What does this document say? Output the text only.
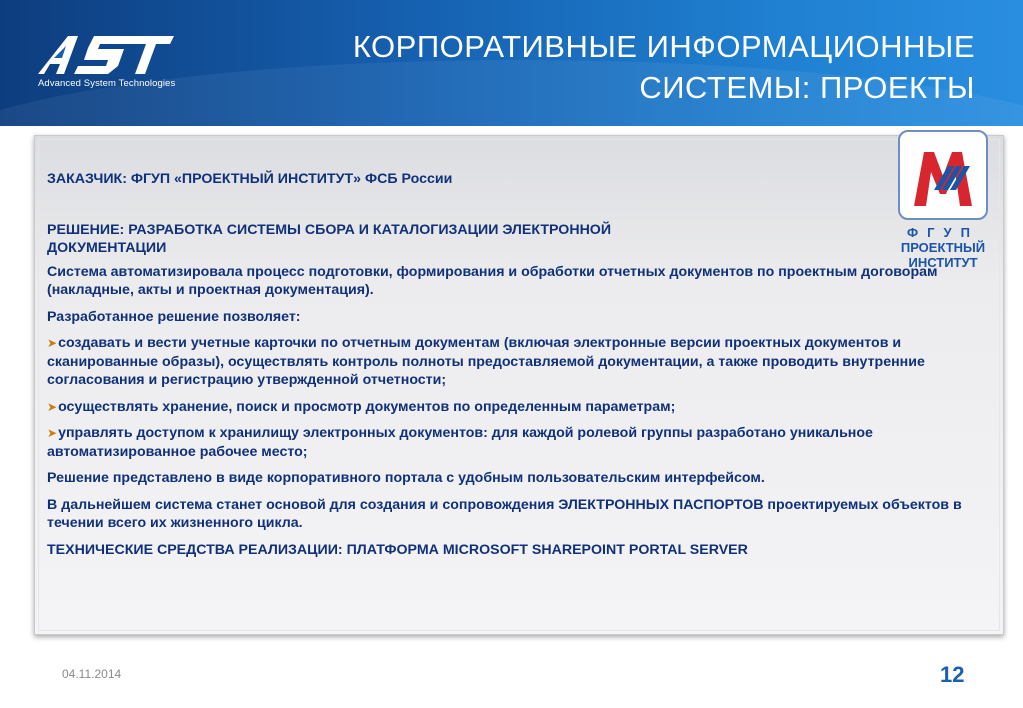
Advanced System Technologies
КОРПОРАТИВНЫЕ ИНФОРМАЦИОННЫЕ
СИСТЕМЫ: ПРОЕКТЫ
ФГУП
ПРОЕКТНЫЙ
ИНСТИТУТ

ЗАКАЗЧИК: ФГУП «ПРОЕКТНЫЙ ИНСТИТУТ» ФСБ России

РЕШЕНИЕ: РАЗРАБОТКА СИСТЕМЫ СБОРА И КАТАЛОГИЗАЦИИ ЭЛЕКТРОННОЙ

ДОКУМЕНТАЦИИ

Система автоматизировала процесс подготовки, формирования и обработки отчетных документов по проектным договорам (накладные, акты и проектная документация).

Разработанное решение позволяет:

➤создавать и вести учетные карточки по отчетным документам (включая электронные версии проектных документов и сканированные образы), осуществлять контроль полноты предоставляемой документации, а также проводить внутренние согласования и регистрацию утвержденной отчетности;

➤осуществлять хранение, поиск и просмотр документов по определенным параметрам;

➤управлять доступом к хранилищу электронных документов: для каждой ролевой группы разработано уникальное автоматизированное рабочее место;

Решение представлено в виде корпоративного портала с удобным пользовательским интерфейсом.

В дальнейшем система станет основой для создания и сопровождения ЭЛЕКТРОННЫХ ПАСПОРТОВ проектируемых объектов в течении всего их жизненного цикла.

ТЕХНИЧЕСКИЕ СРЕДСТВА РЕАЛИЗАЦИИ: ПЛАТФОРМА MICROSOFT SHAREPOINT PORTAL SERVER

04.11.2014	12
